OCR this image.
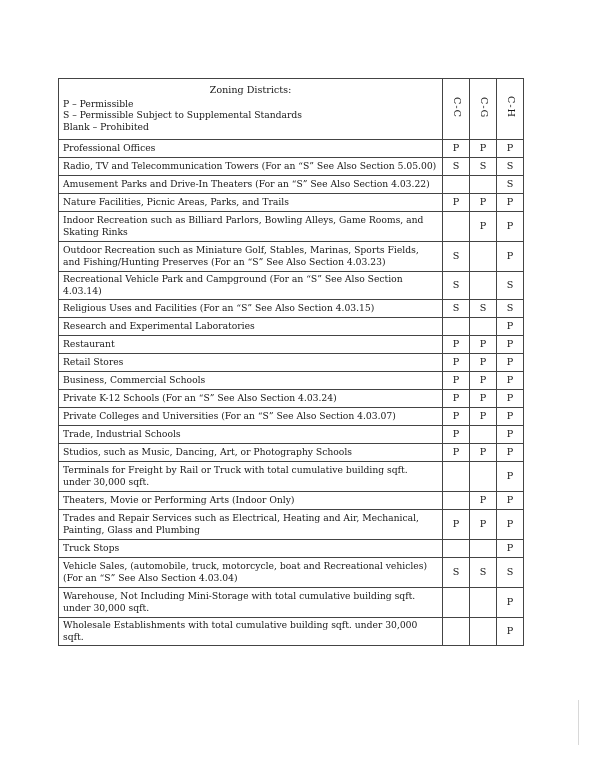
Zoning Districts:
P – Permissible
S – Permissible Subject to Supplemental Standards
Blank – Prohibited	C-C	C-G	C-H
Professional Offices	P	P	P
Radio, TV and Telecommunication Towers (For an “S” See Also Section 5.05.00)	S	S	S
Amusement Parks and Drive-In Theaters (For an “S” See Also Section 4.03.22)			S
Nature Facilities, Picnic Areas, Parks, and Trails	P	P	P
Indoor Recreation such as Billiard Parlors, Bowling Alleys, Game Rooms, and Skating Rinks		P	P
Outdoor Recreation such as Miniature Golf, Stables, Marinas, Sports Fields, and Fishing/Hunting Preserves (For an “S” See Also Section 4.03.23)	S		P
Recreational Vehicle Park and Campground (For an “S” See Also Section 4.03.14)	S		S
Religious Uses and Facilities (For an “S” See Also Section 4.03.15)	S	S	S
Research and Experimental Laboratories			P
Restaurant	P	P	P
Retail Stores	P	P	P
Business, Commercial Schools	P	P	P
Private K-12 Schools (For an “S” See Also Section 4.03.24)	P	P	P
Private Colleges and Universities (For an “S” See Also Section 4.03.07)	P	P	P
Trade, Industrial Schools	P		P
Studios, such as Music, Dancing, Art, or Photography Schools	P	P	P
Terminals for Freight by Rail or Truck with total cumulative building sqft. under 30,000 sqft.			P
Theaters, Movie or Performing Arts (Indoor Only)		P	P
Trades and Repair Services such as Electrical, Heating and Air, Mechanical, Painting, Glass and Plumbing	P	P	P
Truck Stops			P
Vehicle Sales, (automobile, truck, motorcycle, boat and Recreational vehicles) (For an “S” See Also Section 4.03.04)	S	S	S
Warehouse, Not Including Mini-Storage with total cumulative building sqft. under 30,000 sqft.			P
Wholesale Establishments with total cumulative building sqft. under 30,000 sqft.			P
